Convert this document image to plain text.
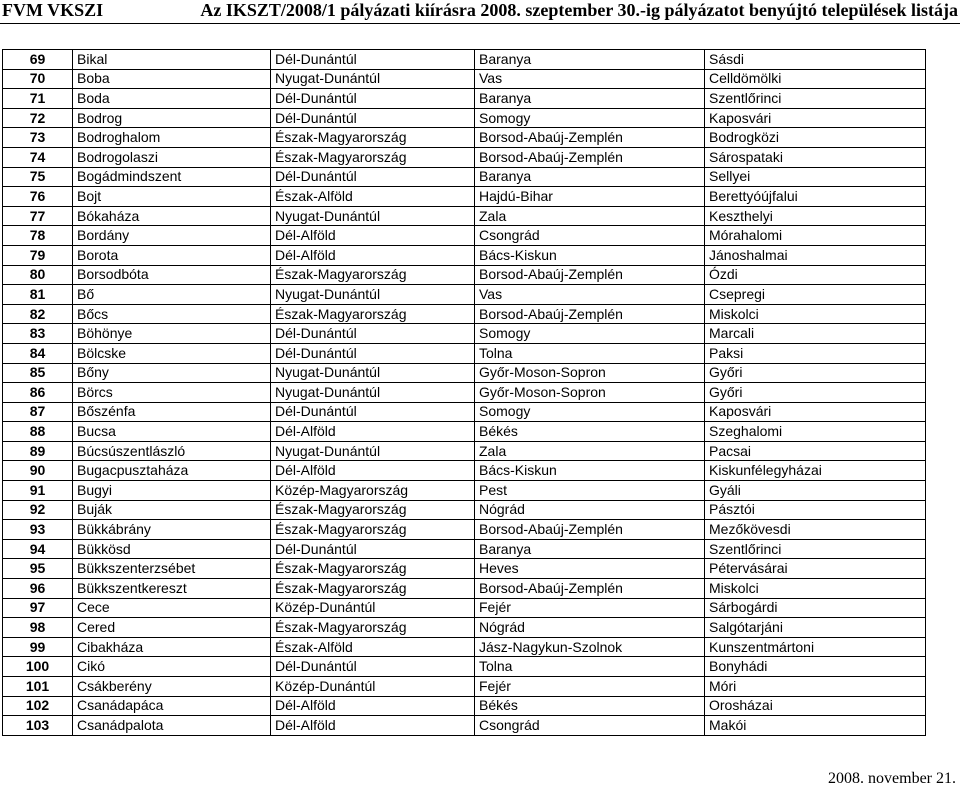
FVM VKSZI	Az IKSZT/2008/1 pályázati kiírásra 2008. szeptember 30.-ig pályázatot benyújtó települések listája
69	Bikal	Dél-Dunántúl	Baranya	Sásdi
70	Boba	Nyugat-Dunántúl	Vas	Celldömölki
71	Boda	Dél-Dunántúl	Baranya	Szentlőrinci
72	Bodrog	Dél-Dunántúl	Somogy	Kaposvári
73	Bodroghalom	Észak-Magyarország	Borsod-Abaúj-Zemplén	Bodrogközi
74	Bodrogolaszi	Észak-Magyarország	Borsod-Abaúj-Zemplén	Sárospataki
75	Bogádmindszent	Dél-Dunántúl	Baranya	Sellyei
76	Bojt	Észak-Alföld	Hajdú-Bihar	Berettyóújfalui
77	Bókaháza	Nyugat-Dunántúl	Zala	Keszthelyi
78	Bordány	Dél-Alföld	Csongrád	Mórahalomi
79	Borota	Dél-Alföld	Bács-Kiskun	Jánoshalmai
80	Borsodbóta	Észak-Magyarország	Borsod-Abaúj-Zemplén	Ózdi
81	Bő	Nyugat-Dunántúl	Vas	Csepregi
82	Bőcs	Észak-Magyarország	Borsod-Abaúj-Zemplén	Miskolci
83	Böhönye	Dél-Dunántúl	Somogy	Marcali
84	Bölcske	Dél-Dunántúl	Tolna	Paksi
85	Bőny	Nyugat-Dunántúl	Győr-Moson-Sopron	Győri
86	Börcs	Nyugat-Dunántúl	Győr-Moson-Sopron	Győri
87	Bőszénfa	Dél-Dunántúl	Somogy	Kaposvári
88	Bucsa	Dél-Alföld	Békés	Szeghalomi
89	Búcsúszentlászló	Nyugat-Dunántúl	Zala	Pacsai
90	Bugacpusztaháza	Dél-Alföld	Bács-Kiskun	Kiskunfélegyházai
91	Bugyi	Közép-Magyarország	Pest	Gyáli
92	Buják	Észak-Magyarország	Nógrád	Pásztói
93	Bükkábrány	Észak-Magyarország	Borsod-Abaúj-Zemplén	Mezőkövesdi
94	Bükkösd	Dél-Dunántúl	Baranya	Szentlőrinci
95	Bükkszenterzsébet	Észak-Magyarország	Heves	Pétervásárai
96	Bükkszentkereszt	Észak-Magyarország	Borsod-Abaúj-Zemplén	Miskolci
97	Cece	Közép-Dunántúl	Fejér	Sárbogárdi
98	Cered	Észak-Magyarország	Nógrád	Salgótarjáni
99	Cibakháza	Észak-Alföld	Jász-Nagykun-Szolnok	Kunszentmártoni
100	Cikó	Dél-Dunántúl	Tolna	Bonyhádi
101	Csákberény	Közép-Dunántúl	Fejér	Móri
102	Csanádapáca	Dél-Alföld	Békés	Orosházai
103	Csanádpalota	Dél-Alföld	Csongrád	Makói
2008. november 21.
